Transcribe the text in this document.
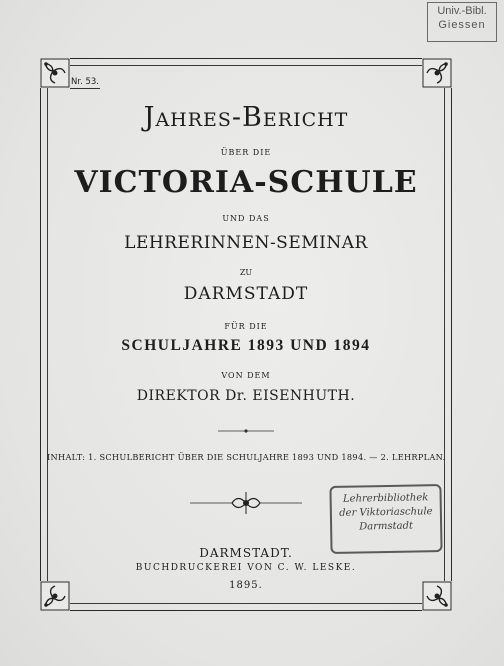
Univ.-Bibl.
Giessen
Nr. 53.
Jahres-Bericht
ÜBER DIE
VICTORIA-SCHULE
UND DAS
LEHRERINNEN-SEMINAR
ZU
DARMSTADT
FÜR DIE
SCHULJAHRE 1893 UND 1894
VON DEM
DIREKTOR Dr. EISENHUTH.
INHALT: 1. SCHULBERICHT ÜBER DIE SCHULJAHRE 1893 UND 1894. — 2. LEHRPLAN.
Lehrerbibliothek
der Viktoriaschule
Darmstadt
DARMSTADT.
BUCHDRUCKEREI VON C. W. LESKE.
1895.
